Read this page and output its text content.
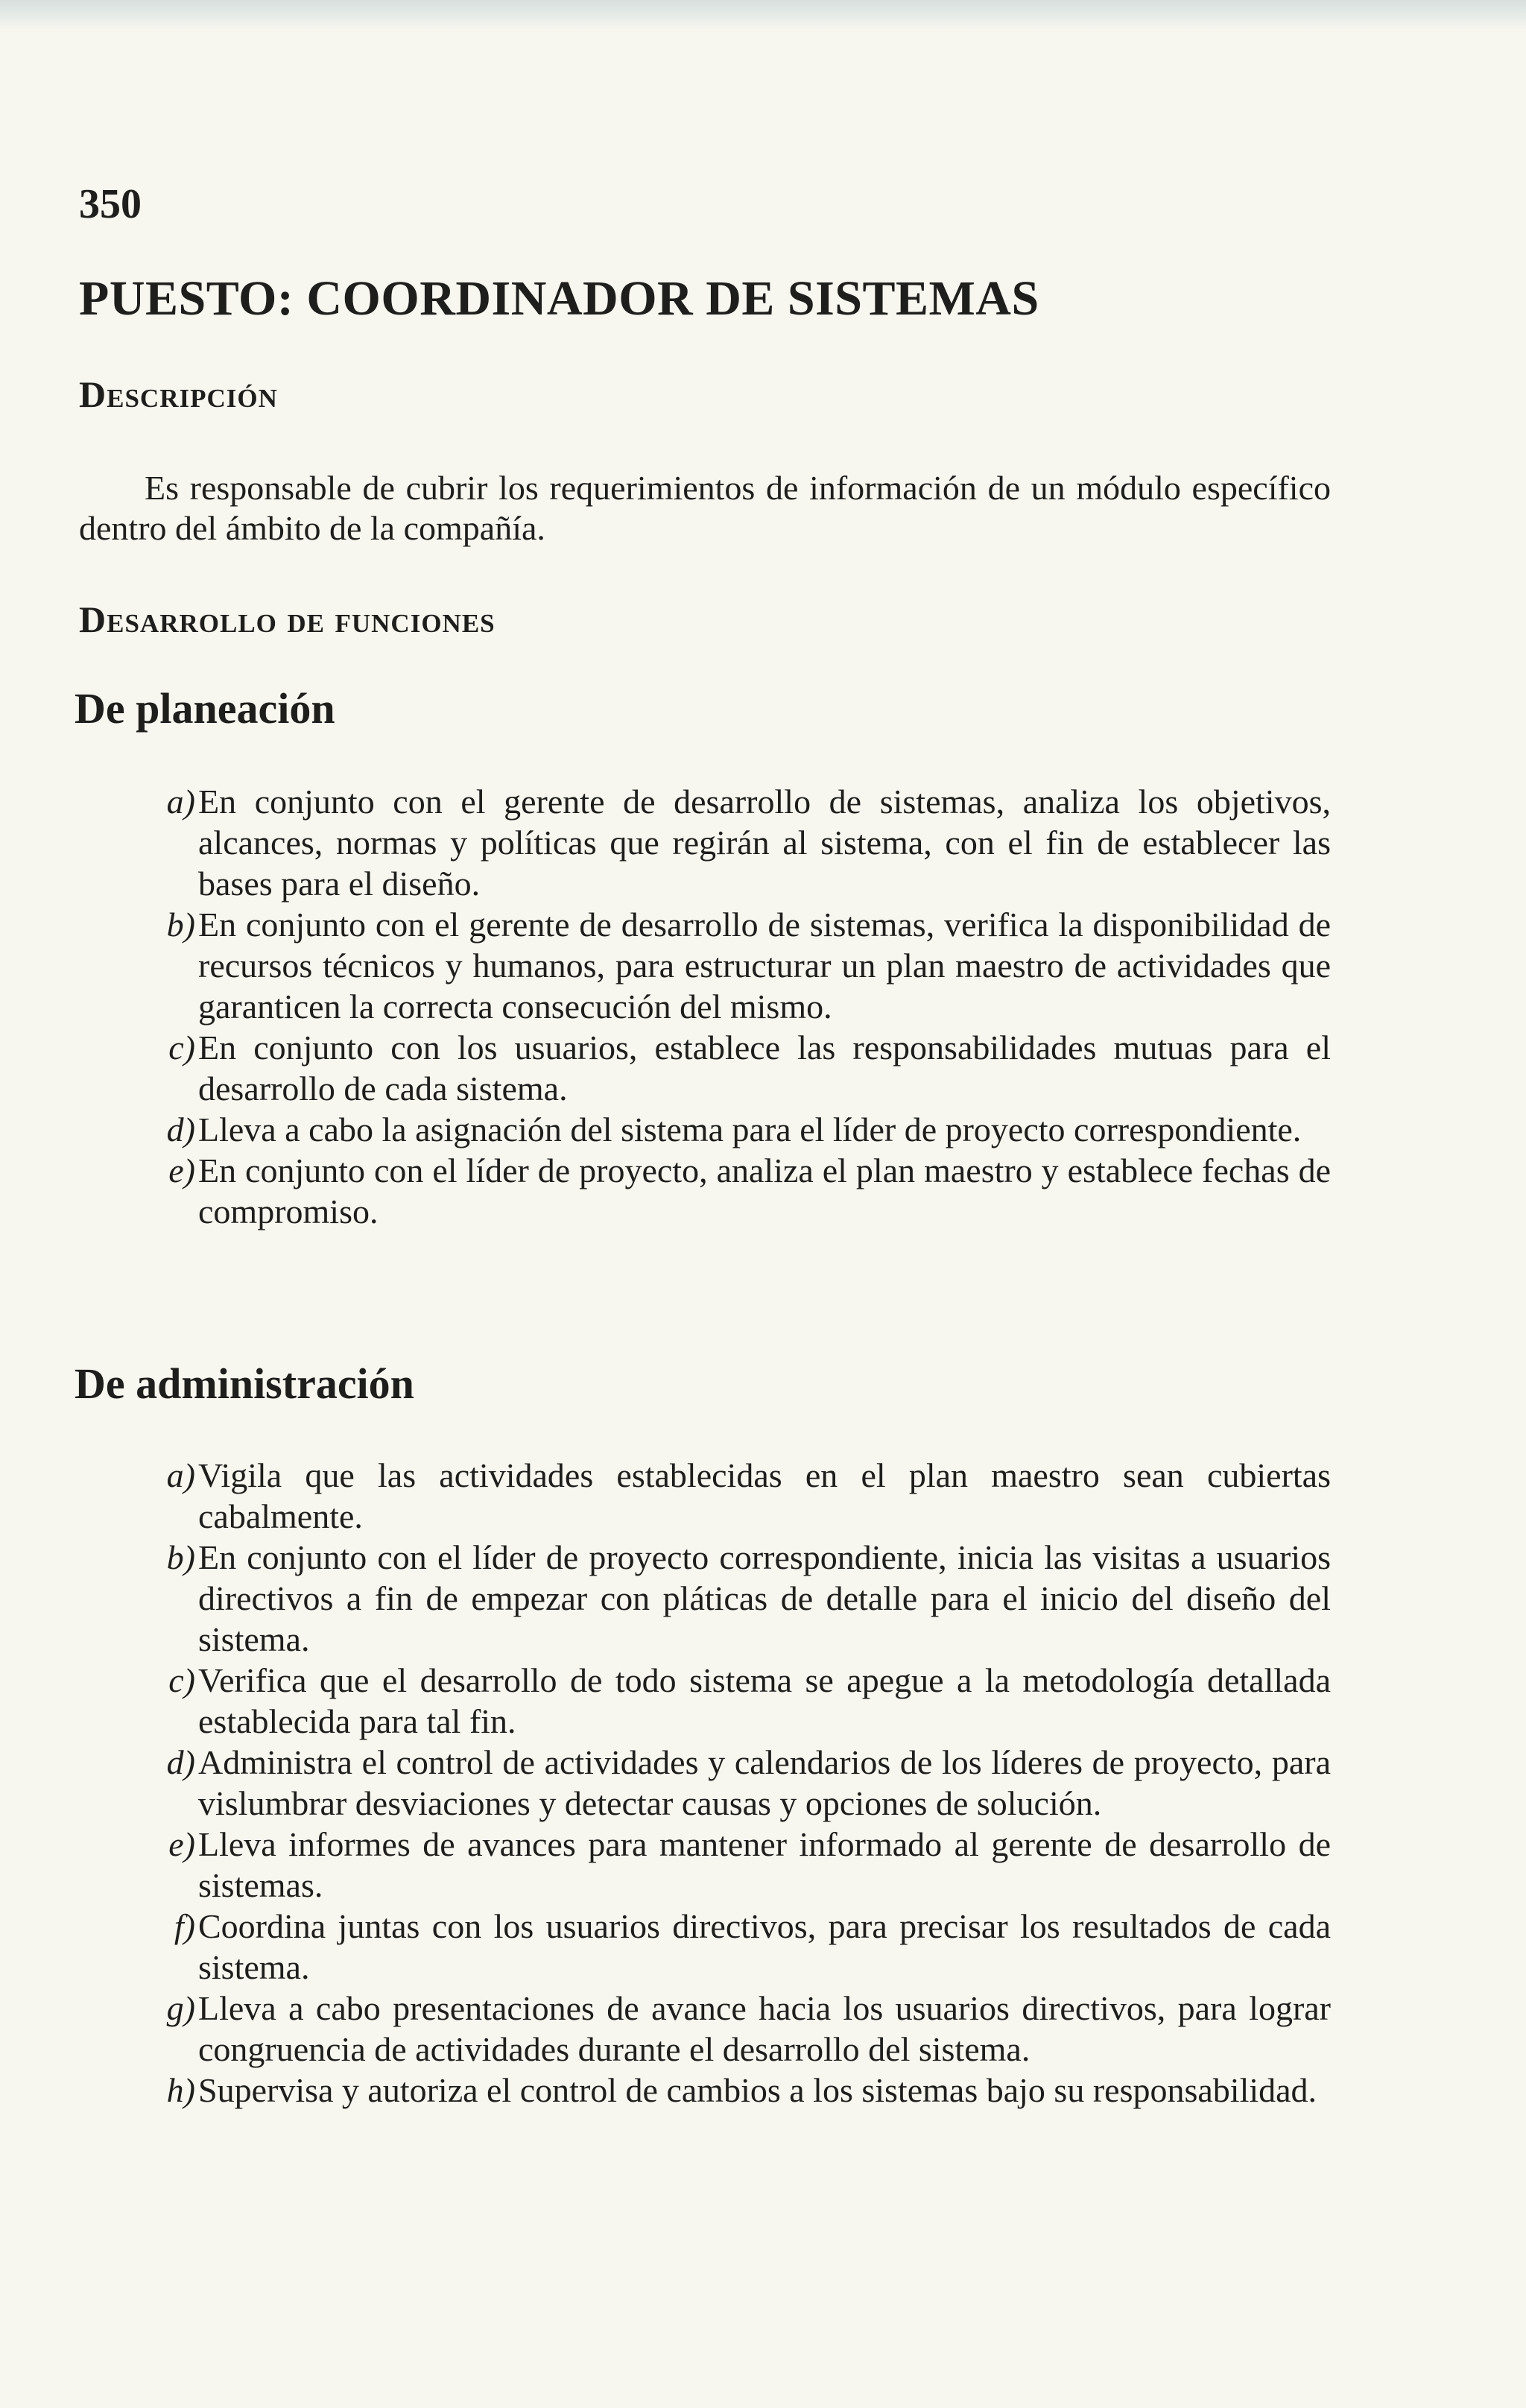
350
PUESTO: COORDINADOR DE SISTEMAS
Descripción
Es responsable de cubrir los requerimientos de información de un módulo específico dentro del ámbito de la compañía.
Desarrollo de funciones
De planeación
a) En conjunto con el gerente de desarrollo de sistemas, analiza los objetivos, alcances, normas y políticas que regirán al sistema, con el fin de establecer las bases para el diseño.
b) En conjunto con el gerente de desarrollo de sistemas, verifica la disponibilidad de recursos técnicos y humanos, para estructurar un plan maestro de actividades que garanticen la correcta consecución del mismo.
c) En conjunto con los usuarios, establece las responsabilidades mutuas para el desarrollo de cada sistema.
d) Lleva a cabo la asignación del sistema para el líder de proyecto correspondiente.
e) En conjunto con el líder de proyecto, analiza el plan maestro y establece fechas de compromiso.
De administración
a) Vigila que las actividades establecidas en el plan maestro sean cubiertas cabalmente.
b) En conjunto con el líder de proyecto correspondiente, inicia las visitas a usuarios directivos a fin de empezar con pláticas de detalle para el inicio del diseño del sistema.
c) Verifica que el desarrollo de todo sistema se apegue a la metodología detallada establecida para tal fin.
d) Administra el control de actividades y calendarios de los líderes de proyecto, para vislumbrar desviaciones y detectar causas y opciones de solución.
e) Lleva informes de avances para mantener informado al gerente de desarrollo de sistemas.
f) Coordina juntas con los usuarios directivos, para precisar los resultados de cada sistema.
g) Lleva a cabo presentaciones de avance hacia los usuarios directivos, para lograr congruencia de actividades durante el desarrollo del sistema.
h) Supervisa y autoriza el control de cambios a los sistemas bajo su responsabilidad.
